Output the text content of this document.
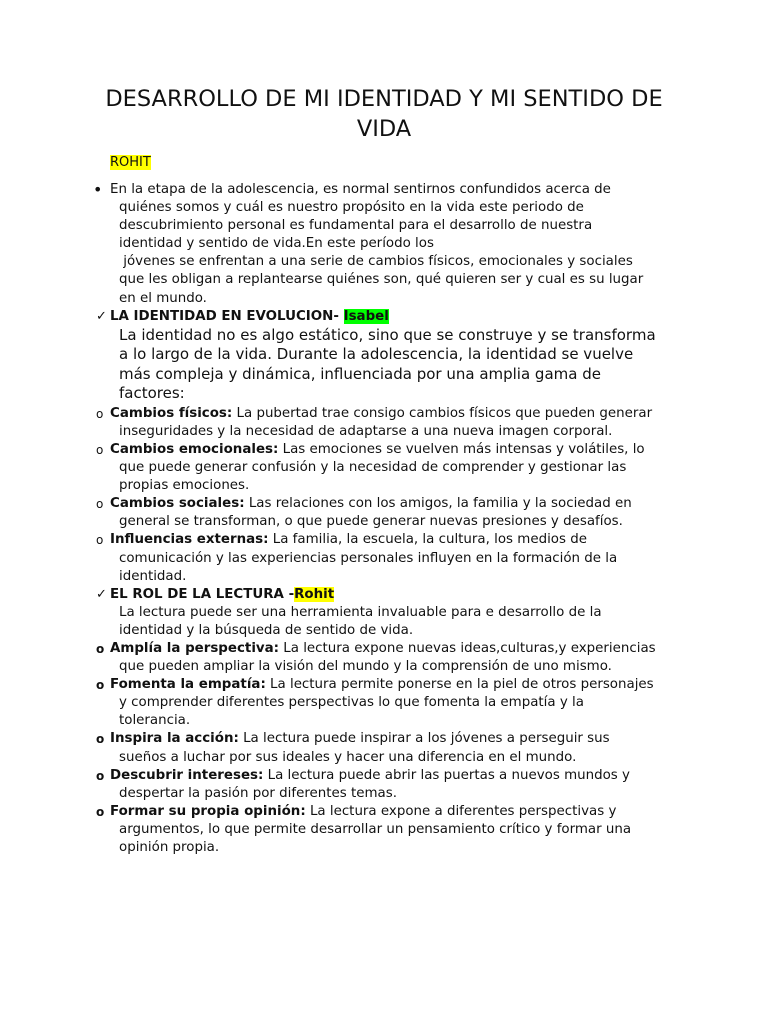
DESARROLLO DE MI IDENTIDAD Y MI SENTIDO DE VIDA
ROHIT
• En la etapa de la adolescencia, es normal sentirnos confundidos acerca de quiénes somos y cuál es nuestro propósito en la vida este periodo de descubrimiento personal es fundamental para el desarrollo de nuestra identidad y sentido de vida.En este período los
jóvenes se enfrentan a una serie de cambios físicos, emocionales y sociales que les obligan a replantearse quiénes son, qué quieren ser y cual es su lugar en el mundo.
✓ LA IDENTIDAD EN EVOLUCION- Isabel
La identidad no es algo estático, sino que se construye y se transforma a lo largo de la vida. Durante la adolescencia, la identidad se vuelve más compleja y dinámica, influenciada por una amplia gama de factores:
o Cambios físicos: La pubertad trae consigo cambios físicos que pueden generar inseguridades y la necesidad de adaptarse a una nueva imagen corporal.
o Cambios emocionales: Las emociones se vuelven más intensas y volátiles, lo que puede generar confusión y la necesidad de comprender y gestionar las propias emociones.
o Cambios sociales: Las relaciones con los amigos, la familia y la sociedad en general se transforman, o que puede generar nuevas presiones y desafíos.
o Influencias externas: La familia, la escuela, la cultura, los medios de comunicación y las experiencias personales influyen en la formación de la identidad.
✓ EL ROL DE LA LECTURA -Rohit
La lectura puede ser una herramienta invaluable para e desarrollo de la identidad y la búsqueda de sentido de vida.
o Amplía la perspectiva: La lectura expone nuevas ideas,culturas,y experiencias que pueden ampliar la visión del mundo y la comprensión de uno mismo.
o Fomenta la empatía: La lectura permite ponerse en la piel de otros personajes y comprender diferentes perspectivas lo que fomenta la empatía y la tolerancia.
o Inspira la acción: La lectura puede inspirar a los jóvenes a perseguir sus sueños a luchar por sus ideales y hacer una diferencia en el mundo.
o Descubrir intereses: La lectura puede abrir las puertas a nuevos mundos y despertar la pasión por diferentes temas.
o Formar su propia opinión: La lectura expone a diferentes perspectivas y argumentos, lo que permite desarrollar un pensamiento crítico y formar una opinión propia.
